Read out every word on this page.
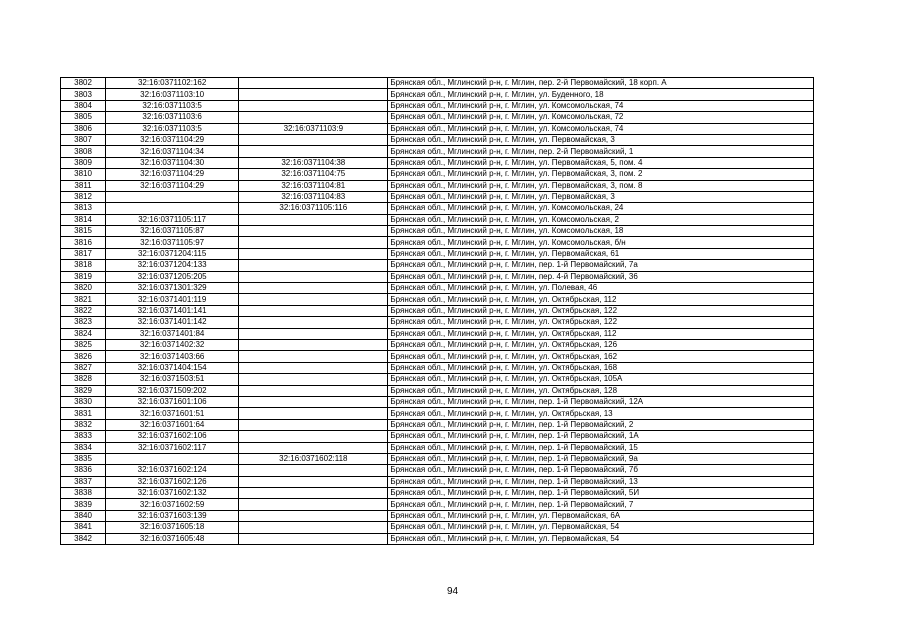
3802	32:16:0371102:162		Брянская обл., Мглинский р-н, г. Мглин, пер. 2-й Первомайский, 18 корп. А
3803	32:16:0371103:10		Брянская обл., Мглинский р-н, г. Мглин, ул. Буденного, 18
3804	32:16:0371103:5		Брянская обл., Мглинский р-н, г. Мглин, ул. Комсомольская, 74
3805	32:16:0371103:6		Брянская обл., Мглинский р-н, г. Мглин, ул. Комсомольская, 72
3806	32:16:0371103:5	32:16:0371103:9	Брянская обл., Мглинский р-н, г. Мглин, ул. Комсомольская, 74
3807	32:16:0371104:29		Брянская обл., Мглинский р-н, г. Мглин, ул. Первомайская, 3
3808	32:16:0371104:34		Брянская обл., Мглинский р-н, г. Мглин, пер. 2-й Первомайский, 1
3809	32:16:0371104:30	32:16:0371104:38	Брянская обл., Мглинский р-н, г. Мглин, ул. Первомайская, 5, пом. 4
3810	32:16:0371104:29	32:16:0371104:75	Брянская обл., Мглинский р-н, г. Мглин, ул. Первомайская, 3, пом. 2
3811	32:16:0371104:29	32:16:0371104:81	Брянская обл., Мглинский р-н, г. Мглин, ул. Первомайская, 3, пом. 8
3812		32:16:0371104:83	Брянская обл., Мглинский р-н, г. Мглин, ул. Первомайская, 3
3813		32:16:0371105:116	Брянская обл., Мглинский р-н, г. Мглин, ул. Комсомольская, 24
3814	32:16:0371105:117		Брянская обл., Мглинский р-н, г. Мглин, ул. Комсомольская, 2
3815	32:16:0371105:87		Брянская обл., Мглинский р-н, г. Мглин, ул. Комсомольская, 18
3816	32:16:0371105:97		Брянская обл., Мглинский р-н, г. Мглин, ул. Комсомольская, б/н
3817	32:16:0371204:115		Брянская обл., Мглинский р-н, г. Мглин, ул. Первомайская, 61
3818	32:16:0371204:133		Брянская обл., Мглинский р-н, г. Мглин, пер. 1-й Первомайский, 7а
3819	32:16:0371205:205		Брянская обл., Мглинский р-н, г. Мглин, пер. 4-й Первомайский, 36
3820	32:16:0371301:329		Брянская обл., Мглинский р-н, г. Мглин, ул. Полевая, 46
3821	32:16:0371401:119		Брянская обл., Мглинский р-н, г. Мглин, ул. Октябрьская, 112
3822	32:16:0371401:141		Брянская обл., Мглинский р-н, г. Мглин, ул. Октябрьская, 122
3823	32:16:0371401:142		Брянская обл., Мглинский р-н, г. Мглин, ул. Октябрьская, 122
3824	32:16:0371401:84		Брянская обл., Мглинский р-н, г. Мглин, ул. Октябрьская, 112
3825	32:16:0371402:32		Брянская обл., Мглинский р-н, г. Мглин, ул. Октябрьская, 126
3826	32:16:0371403:66		Брянская обл., Мглинский р-н, г. Мглин, ул. Октябрьская, 162
3827	32:16:0371404:154		Брянская обл., Мглинский р-н, г. Мглин, ул. Октябрьская, 168
3828	32:16:0371503:51		Брянская обл., Мглинский р-н, г. Мглин, ул. Октябрьская, 105А
3829	32:16:0371509:202		Брянская обл., Мглинский р-н, г. Мглин, ул. Октябрьская, 128
3830	32:16:0371601:106		Брянская обл., Мглинский р-н, г. Мглин, пер. 1-й Первомайский, 12А
3831	32:16:0371601:51		Брянская обл., Мглинский р-н, г. Мглин, ул. Октябрьская, 13
3832	32:16:0371601:64		Брянская обл., Мглинский р-н, г. Мглин, пер. 1-й Первомайский, 2
3833	32:16:0371602:106		Брянская обл., Мглинский р-н, г. Мглин, пер. 1-й Первомайский, 1А
3834	32:16:0371602:117		Брянская обл., Мглинский р-н, г. Мглин, пер. 1-й Первомайский, 15
3835		32:16:0371602:118	Брянская обл., Мглинский р-н, г. Мглин, пер. 1-й Первомайский, 9а
3836	32:16:0371602:124		Брянская обл., Мглинский р-н, г. Мглин, пер. 1-й Первомайский, 7б
3837	32:16:0371602:126		Брянская обл., Мглинский р-н, г. Мглин, пер. 1-й Первомайский, 13
3838	32:16:0371602:132		Брянская обл., Мглинский р-н, г. Мглин, пер. 1-й Первомайский, 5И
3839	32:16:0371602:59		Брянская обл., Мглинский р-н, г. Мглин, пер. 1-й Первомайский, 7
3840	32:16:0371603:139		Брянская обл., Мглинский р-н, г. Мглин, ул. Первомайская, 6А
3841	32:16:0371605:18		Брянская обл., Мглинский р-н, г. Мглин, ул. Первомайская, 54
3842	32:16:0371605:48		Брянская обл., Мглинский р-н, г. Мглин, ул. Первомайская, 54
94
